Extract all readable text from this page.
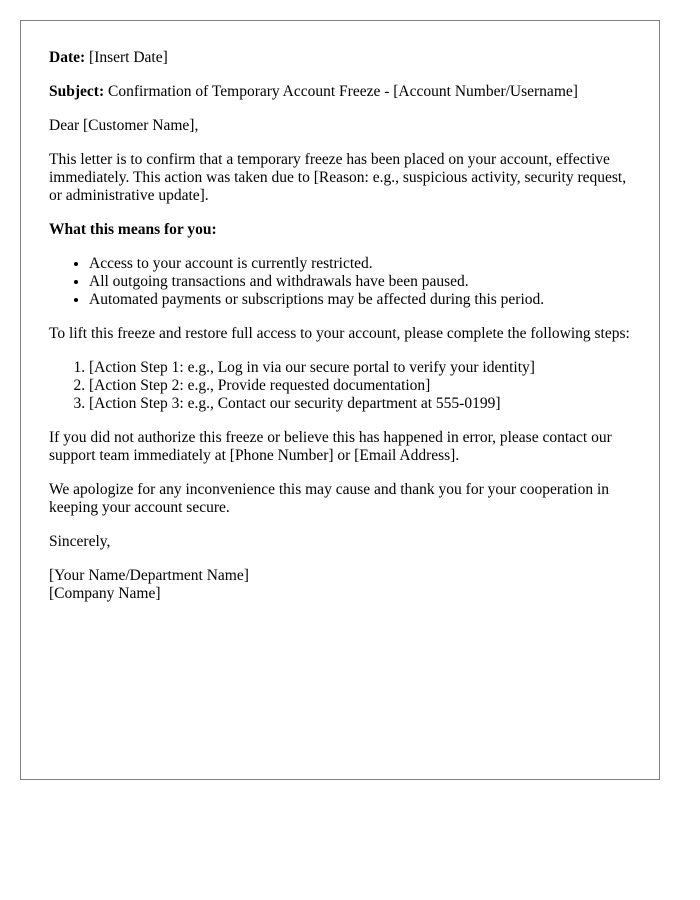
Date: [Insert Date]

Subject: Confirmation of Temporary Account Freeze - [Account Number/Username]

Dear [Customer Name],

This letter is to confirm that a temporary freeze has been placed on your account, effective immediately. This action was taken due to [Reason: e.g., suspicious activity, security request, or administrative update].

What this means for you:
• Access to your account is currently restricted.
• All outgoing transactions and withdrawals have been paused.
• Automated payments or subscriptions may be affected during this period.

To lift this freeze and restore full access to your account, please complete the following steps:

1. [Action Step 1: e.g., Log in via our secure portal to verify your identity]
2. [Action Step 2: e.g., Provide requested documentation]
3. [Action Step 3: e.g., Contact our security department at 555-0199]

If you did not authorize this freeze or believe this has happened in error, please contact our support team immediately at [Phone Number] or [Email Address].

We apologize for any inconvenience this may cause and thank you for your cooperation in keeping your account secure.

Sincerely,

[Your Name/Department Name]
[Company Name]
